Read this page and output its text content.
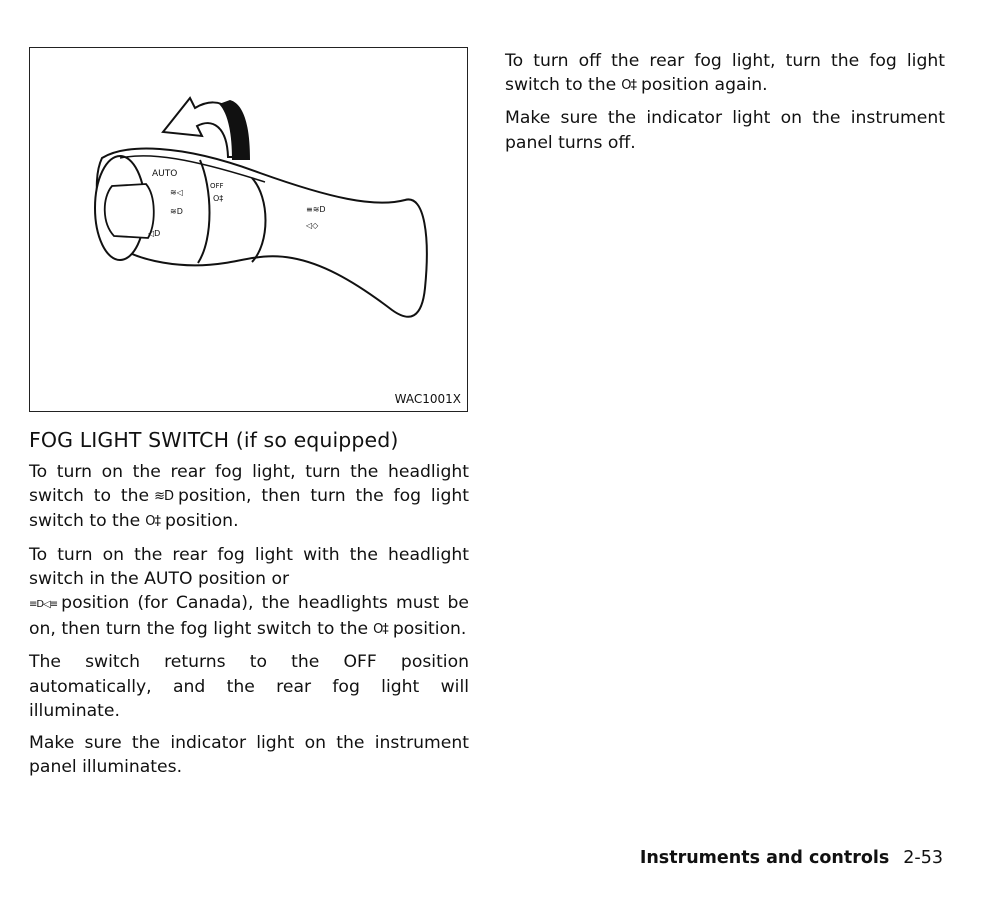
AUTO
OFF
≋◁
≋D
◁D
O‡
≡≋D
◁◇
WAC1001X
FOG LIGHT SWITCH (if so equipped)

To turn on the rear fog light, turn the headlight switch to the ≋D position, then turn the fog light switch to the O‡ position.

To turn on the rear fog light with the headlight switch in the AUTO position or
≡D◁≡ position (for Canada), the headlights must be on, then turn the fog light switch to the O‡ position.

The switch returns to the OFF position automatically, and the rear fog light will illuminate.

Make sure the indicator light on the instrument panel illuminates.

To turn off the rear fog light, turn the fog light switch to the O‡ position again.

Make sure the indicator light on the instrument panel turns off.

Instruments and controls 2-53
